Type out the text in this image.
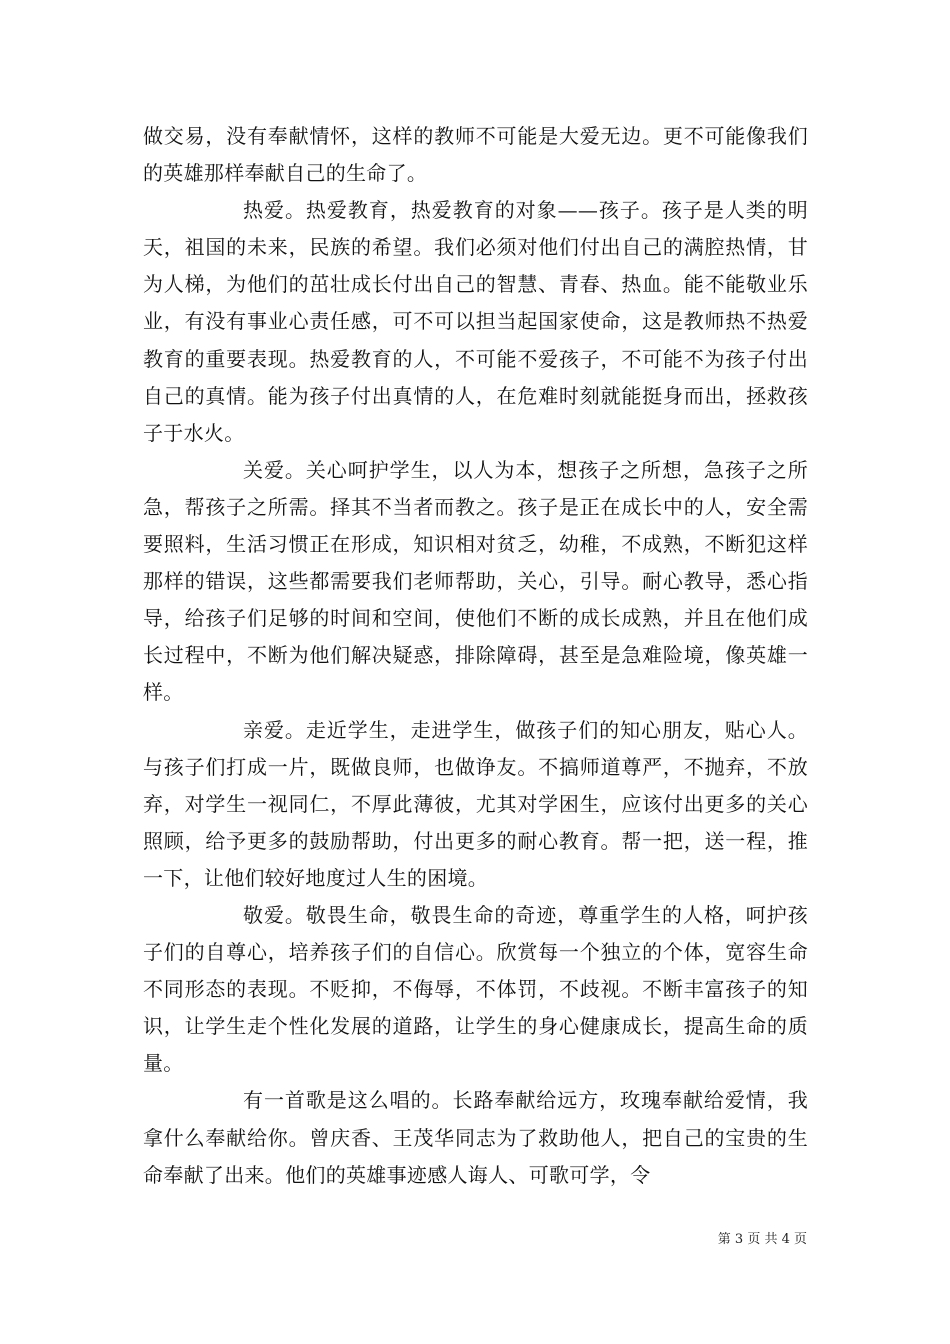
做交易，没有奉献情怀，这样的教师不可能是大爱无边。更不可能像我们的英雄那样奉献自己的生命了。

热爱。热爱教育，热爱教育的对象——孩子。孩子是人类的明天，祖国的未来，民族的希望。我们必须对他们付出自己的满腔热情，甘为人梯，为他们的茁壮成长付出自己的智慧、青春、热血。能不能敬业乐业，有没有事业心责任感，可不可以担当起国家使命，这是教师热不热爱教育的重要表现。热爱教育的人，不可能不爱孩子，不可能不为孩子付出自己的真情。能为孩子付出真情的人，在危难时刻就能挺身而出，拯救孩子于水火。

关爱。关心呵护学生，以人为本，想孩子之所想，急孩子之所急，帮孩子之所需。择其不当者而教之。孩子是正在成长中的人，安全需要照料，生活习惯正在形成，知识相对贫乏，幼稚，不成熟，不断犯这样那样的错误，这些都需要我们老师帮助，关心，引导。耐心教导，悉心指导，给孩子们足够的时间和空间，使他们不断的成长成熟，并且在他们成长过程中，不断为他们解决疑惑，排除障碍，甚至是急难险境，像英雄一样。

亲爱。走近学生，走进学生，做孩子们的知心朋友，贴心人。与孩子们打成一片，既做良师，也做诤友。不搞师道尊严，不抛弃，不放弃，对学生一视同仁，不厚此薄彼，尤其对学困生，应该付出更多的关心照顾，给予更多的鼓励帮助，付出更多的耐心教育。帮一把，送一程，推一下，让他们较好地度过人生的困境。

敬爱。敬畏生命，敬畏生命的奇迹，尊重学生的人格，呵护孩子们的自尊心，培养孩子们的自信心。欣赏每一个独立的个体，宽容生命不同形态的表现。不贬抑，不侮辱，不体罚，不歧视。不断丰富孩子的知识，让学生走个性化发展的道路，让学生的身心健康成长，提高生命的质量。

有一首歌是这么唱的。长路奉献给远方，玫瑰奉献给爱情，我拿什么奉献给你。曾庆香、王茂华同志为了救助他人，把自己的宝贵的生命奉献了出来。他们的英雄事迹感人诲人、可歌可学，令

第 3 页 共 4 页
